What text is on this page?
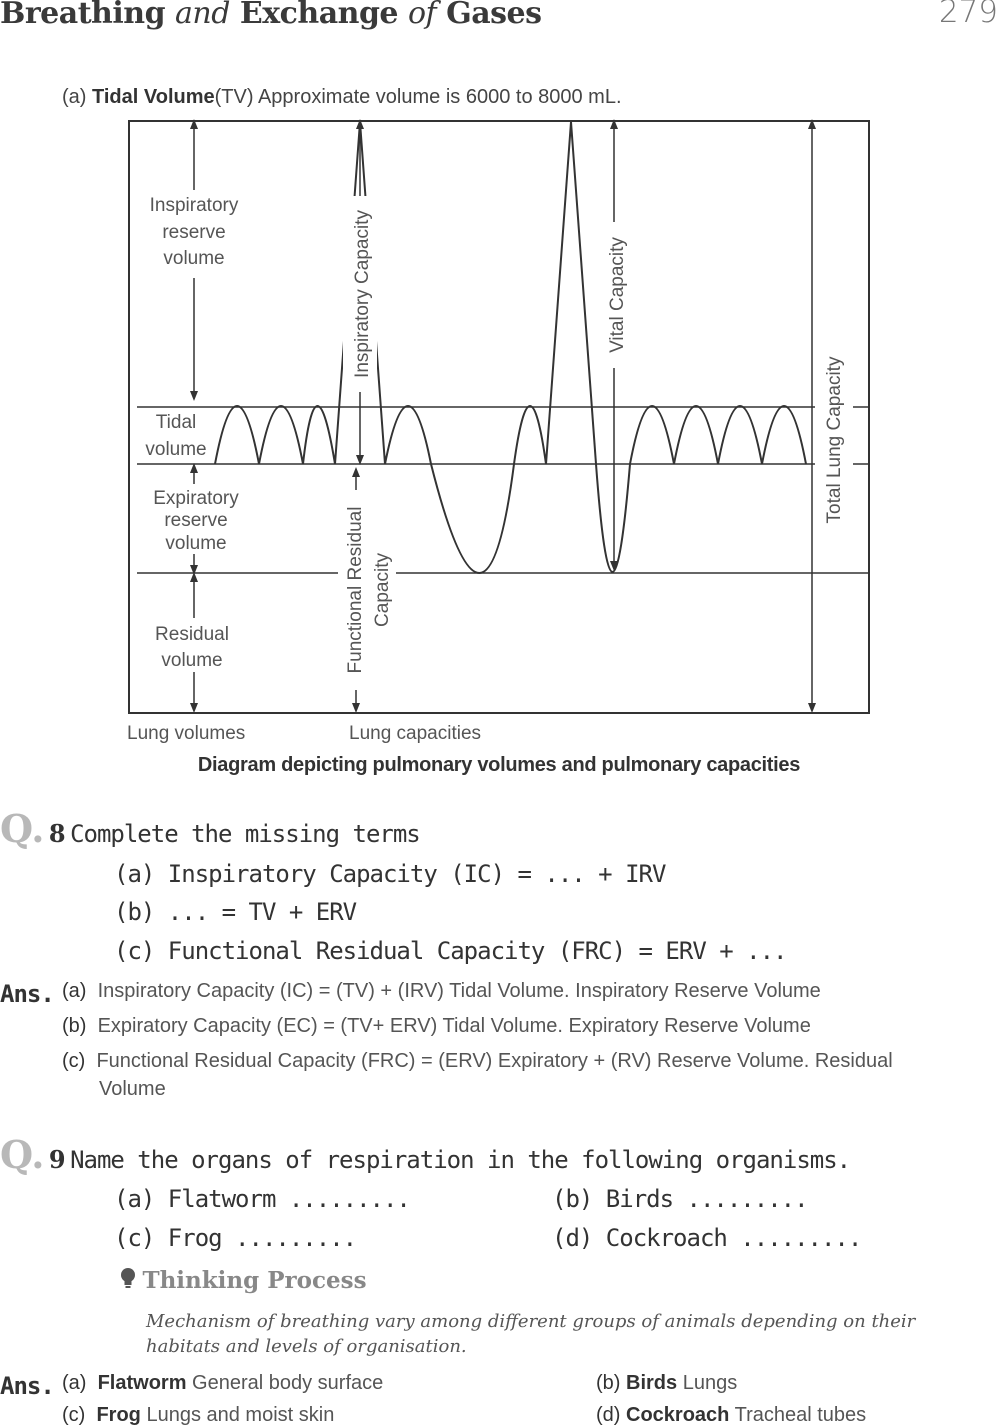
Breathing and Exchange of Gases	279
(a) Tidal Volume(TV) Approximate volume is 6000 to 8000 mL.
Inspiratory
reserve
volume
Tidal
volume
Expiratory
reserve
volume
Residual
volume
Inspiratory Capacity
Functional Residual Capacity
Vital Capacity
Total Lung Capacity
Lung volumes	Lung capacities
Diagram depicting pulmonary volumes and pulmonary capacities
Q. 8 Complete the missing terms
(a) Inspiratory Capacity (IC) = ... + IRV
(b) ... = TV + ERV
(c) Functional Residual Capacity (FRC) = ERV + ...
Ans. (a) Inspiratory Capacity (IC) = (TV) + (IRV) Tidal Volume. Inspiratory Reserve Volume
(b) Expiratory Capacity (EC) = (TV+ ERV) Tidal Volume. Expiratory Reserve Volume
(c) Functional Residual Capacity (FRC) = (ERV) Expiratory + (RV) Reserve Volume. Residual
Volume
Q. 9 Name the organs of respiration in the following organisms.
(a) Flatworm .........	(b) Birds .........
(c) Frog .........	(d) Cockroach .........
Thinking Process
Mechanism of breathing vary among different groups of animals depending on their habitats and levels of organisation.
Ans. (a) Flatworm General body surface	(b) Birds Lungs
(c) Frog Lungs and moist skin	(d) Cockroach Tracheal tubes
